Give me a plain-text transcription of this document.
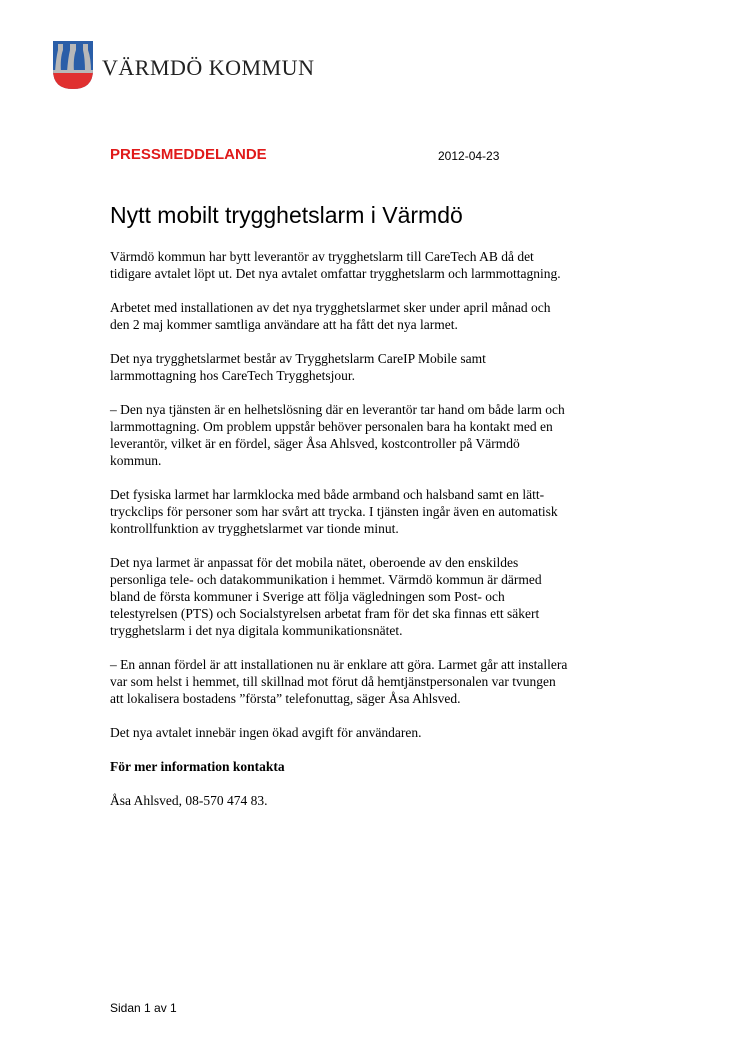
VÄRMDÖ KOMMUN
PRESSMEDDELANDE	2012-04-23
Nytt mobilt trygghetslarm i Värmdö

Värmdö kommun har bytt leverantör av trygghetslarm till CareTech AB då det
tidigare avtalet löpt ut. Det nya avtalet omfattar trygghetslarm och larmmottagning.

Arbetet med installationen av det nya trygghetslarmet sker under april månad och
den 2 maj kommer samtliga användare att ha fått det nya larmet.

Det nya trygghetslarmet består av Trygghetslarm CareIP Mobile samt
larmmottagning hos CareTech Trygghetsjour.

– Den nya tjänsten är en helhetslösning där en leverantör tar hand om både larm och
larmmottagning. Om problem uppstår behöver personalen bara ha kontakt med en
leverantör, vilket är en fördel, säger Åsa Ahlsved, kostcontroller på Värmdö
kommun.

Det fysiska larmet har larmklocka med både armband och halsband samt en lätt-
tryckclips för personer som har svårt att trycka. I tjänsten ingår även en automatisk
kontrollfunktion av trygghetslarmet var tionde minut.

Det nya larmet är anpassat för det mobila nätet, oberoende av den enskildes
personliga tele- och datakommunikation i hemmet. Värmdö kommun är därmed
bland de första kommuner i Sverige att följa vägledningen som Post- och
telestyrelsen (PTS) och Socialstyrelsen arbetat fram för det ska finnas ett säkert
trygghetslarm i det nya digitala kommunikationsnätet.

– En annan fördel är att installationen nu är enklare att göra. Larmet går att installera
var som helst i hemmet, till skillnad mot förut då hemtjänstpersonalen var tvungen
att lokalisera bostadens ”första” telefonuttag, säger Åsa Ahlsved.

Det nya avtalet innebär ingen ökad avgift för användaren.

För mer information kontakta

Åsa Ahlsved, 08-570 474 83.

Sidan 1 av 1
